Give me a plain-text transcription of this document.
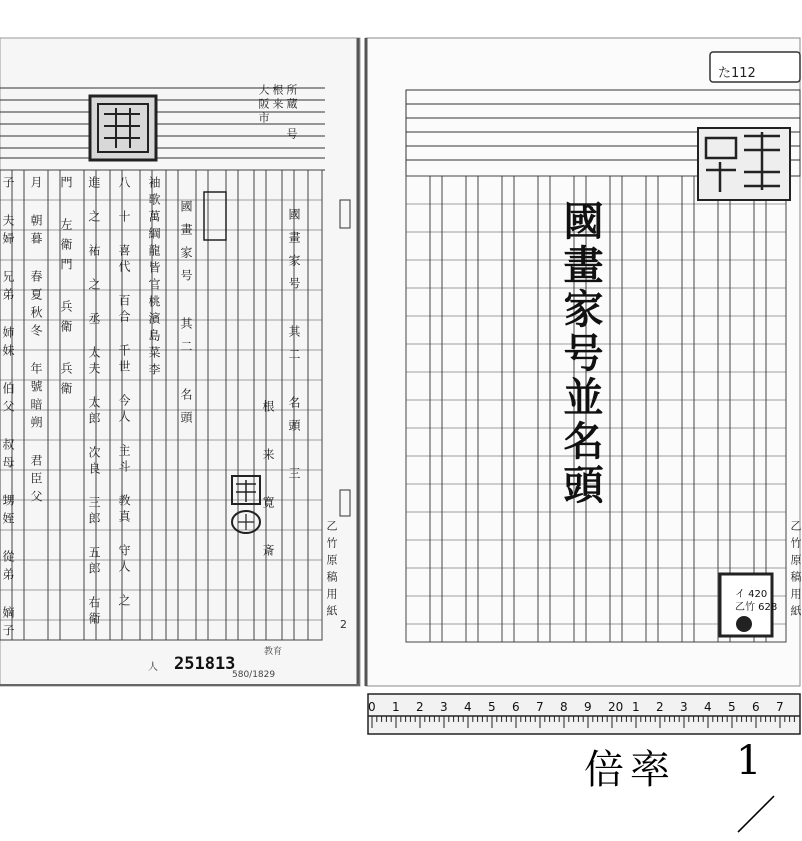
大阪市 根来 所蔵 号
國畫家号 其二 名頭 三
根 来 寛 斎
國畫家号 其二 名頭
袖歌萬綱龍皆官桃濱島菜李
八 十 喜代 百合 千世 今人 主斗 教真 守人 之
進 之 祐 之 丞 太夫 太郎 次良 三郎 五郎 右衛
門 左衛門 兵衛 兵衛
月 朝暮 春夏秋冬 年號暗朔 君臣父
子 夫婦 兄弟 姉妹 伯父 叔母 甥姪 從弟 嫡子	乙竹原稿用紙
2
人 251813
580/1829
教育
た112
國畫家号並名頭
乙竹原稿用紙
イ 420
乙竹 628
0 1 2 3 4 5 6 7 8 9 20 1 2 3 4 5 6 7
倍率 1／
